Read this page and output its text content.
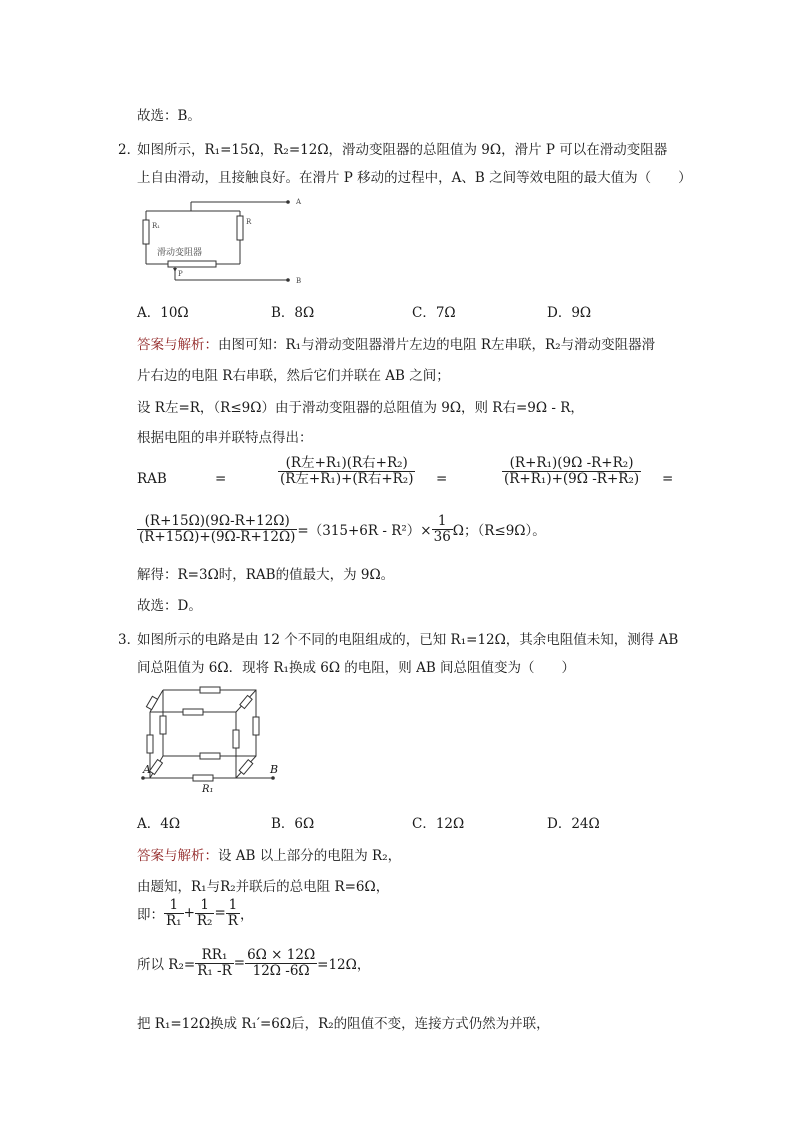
故选：B。
2．
如图所示，R₁=15Ω，R₂=12Ω，滑动变阻器的总阻值为 9Ω，滑片 P 可以在滑动变阻器
上自由滑动，且接触良好。在滑片 P 移动的过程中，A、B 之间等效电阻的最大值为（　　）
R₁	R
滑动变阻器
P
A
B
A．10Ω	B．8Ω	C．7Ω	D．9Ω
答案与解析：由图可知：R₁与滑动变阻器滑片左边的电阻 R左串联，R₂与滑动变阻器滑
片右边的电阻 R右串联，然后它们并联在 AB 之间；
设 R左=R，（R≤9Ω）由于滑动变阻器的总阻值为 9Ω，则 R右=9Ω - R，
根据电阻的串并联特点得出：
RAB	=	$\frac{\text{(R左+R₁)(R右+R₂)}}{\text{(R左+R₁)+(R右+R₂)}}$ =	$\frac{\text{(R+R₁)(9Ω -R+R₂)}}{\text{(R+R₁)+(9Ω -R+R₂)}}$ =
$\frac{(R+15\Omega)(9\Omega-R+12\Omega)}{(R+15\Omega)+(9\Omega-R+12\Omega)} =(315+6R - R^2)\times \frac{1}{36}$ Ω；（R≤9Ω）。
解得：R=3Ω时，RAB的值最大，为 9Ω。
故选：D。
3．
如图所示的电路是由 12 个不同的电阻组成的，已知 R₁=12Ω，其余电阻值未知，测得 AB
间总阻值为 6Ω．现将 R₁换成 6Ω 的电阻，则 AB 间总阻值变为（　　）
A	B
R₁
A．4Ω	B．6Ω	C．12Ω	D．24Ω
答案与解析：设 AB 以上部分的电阻为 R₂，
由题知，R₁与R₂并联后的总电阻 R=6Ω，
即： $\frac{1}{\text{R₁}} + \frac{1}{\text{R₂}} = \frac{1}{R}$ ，
所以 $R_2= \frac{\text{RR₁}}{\text{R₁ -R}} = \frac{6\Omega \times 12\Omega}{12\Omega -6\Omega} =12\Omega$，
把 R₁=12Ω换成 R₁′=6Ω后，R₂的阻值不变，连接方式仍然为并联，
